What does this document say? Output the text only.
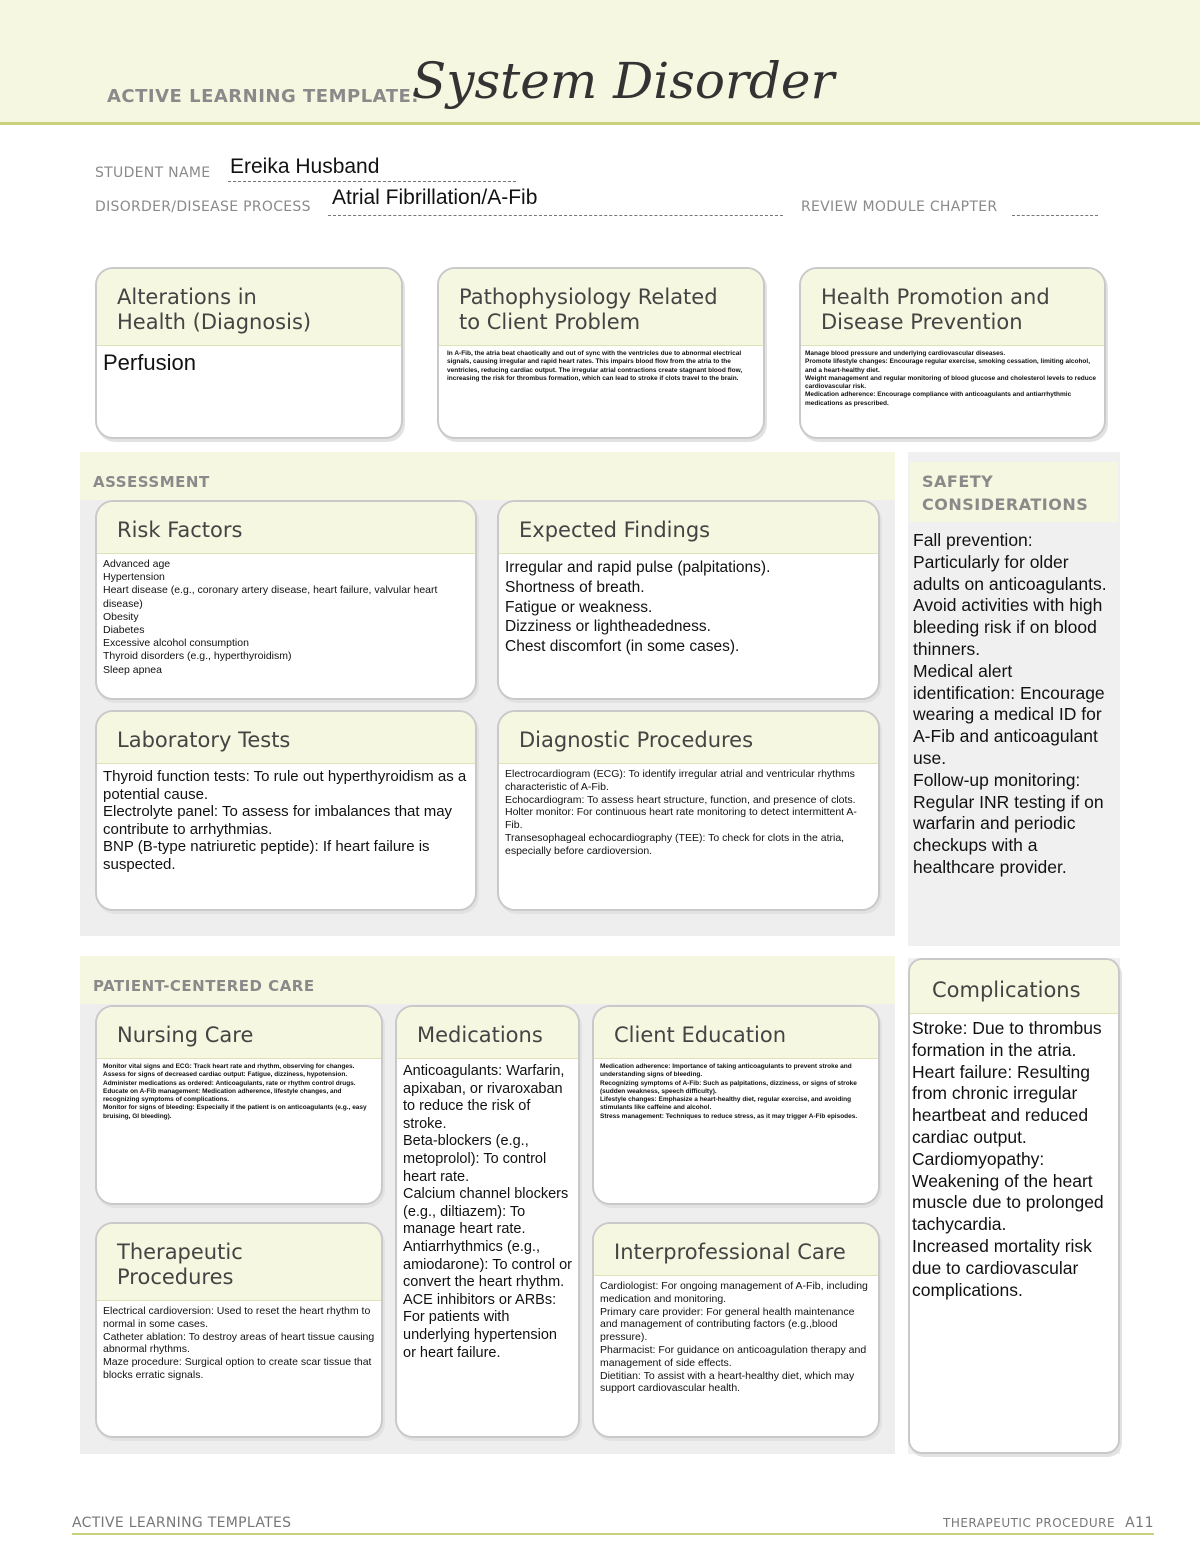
ACTIVE LEARNING TEMPLATE:
System Disorder
STUDENT NAME Ereika Husband
DISORDER/DISEASE PROCESS Atrial Fibrillation/A-Fib	REVIEW MODULE CHAPTER
Alterations in
Health (Diagnosis)
Perfusion
Pathophysiology Related
to Client Problem
In A-Fib, the atria beat chaotically and out of sync with the ventricles due to abnormal electrical signals, causing irregular and rapid heart rates. This impairs blood flow from the atria to the ventricles, reducing cardiac output. The irregular atrial contractions create stagnant blood flow, increasing the risk for thrombus formation, which can lead to stroke if clots travel to the brain.
Health Promotion and
Disease Prevention
Manage blood pressure and underlying cardiovascular diseases.
Promote lifestyle changes: Encourage regular exercise, smoking cessation, limiting alcohol, and a heart-healthy diet.
Weight management and regular monitoring of blood glucose and cholesterol levels to reduce cardiovascular risk.
Medication adherence: Encourage compliance with anticoagulants and antiarrhythmic medications as prescribed.
ASSESSMENT
Risk Factors
Advanced age
Hypertension
Heart disease (e.g., coronary artery disease, heart failure, valvular heart disease)
Obesity
Diabetes
Excessive alcohol consumption
Thyroid disorders (e.g., hyperthyroidism)
Sleep apnea
Expected Findings
Irregular and rapid pulse (palpitations).
Shortness of breath.
Fatigue or weakness.
Dizziness or lightheadedness.
Chest discomfort (in some cases).
Laboratory Tests
Thyroid function tests: To rule out hyperthyroidism as a potential cause.
Electrolyte panel: To assess for imbalances that may contribute to arrhythmias.
BNP (B-type natriuretic peptide): If heart failure is suspected.
Diagnostic Procedures
Electrocardiogram (ECG): To identify irregular atrial and ventricular rhythms characteristic of A-Fib.
Echocardiogram: To assess heart structure, function, and presence of clots.
Holter monitor: For continuous heart rate monitoring to detect intermittent A-Fib.
Transesophageal echocardiography (TEE): To check for clots in the atria, especially before cardioversion.
SAFETY
CONSIDERATIONS
Fall prevention: Particularly for older adults on anticoagulants. Avoid activities with high bleeding risk if on blood thinners.
Medical alert identification: Encourage wearing a medical ID for A-Fib and anticoagulant use.
Follow-up monitoring: Regular INR testing if on warfarin and periodic checkups with a healthcare provider.
PATIENT-CENTERED CARE
Nursing Care
Monitor vital signs and ECG: Track heart rate and rhythm, observing for changes.
Assess for signs of decreased cardiac output: Fatigue, dizziness, hypotension.
Administer medications as ordered: Anticoagulants, rate or rhythm control drugs.
Educate on A-Fib management: Medication adherence, lifestyle changes, and recognizing symptoms of complications.
Monitor for signs of bleeding: Especially if the patient is on anticoagulants (e.g., easy bruising, GI bleeding).
Medications
Anticoagulants: Warfarin, apixaban, or rivaroxaban to reduce the risk of stroke.
Beta-blockers (e.g., metoprolol): To control heart rate.
Calcium channel blockers (e.g., diltiazem): To manage heart rate.
Antiarrhythmics (e.g., amiodarone): To control or convert the heart rhythm.
ACE inhibitors or ARBs: For patients with underlying hypertension or heart failure.
Client Education
Medication adherence: Importance of taking anticoagulants to prevent stroke and understanding signs of bleeding.
Recognizing symptoms of A-Fib: Such as palpitations, dizziness, or signs of stroke (sudden weakness, speech difficulty).
Lifestyle changes: Emphasize a heart-healthy diet, regular exercise, and avoiding stimulants like caffeine and alcohol.
Stress management: Techniques to reduce stress, as it may trigger A-Fib episodes.
Therapeutic Procedures
Electrical cardioversion: Used to reset the heart rhythm to normal in some cases.
Catheter ablation: To destroy areas of heart tissue causing abnormal rhythms.
Maze procedure: Surgical option to create scar tissue that blocks erratic signals.
Interprofessional Care
Cardiologist: For ongoing management of A-Fib, including medication and monitoring.
Primary care provider: For general health maintenance and management of contributing factors (e.g.,blood pressure).
Pharmacist: For guidance on anticoagulation therapy and management of side effects.
Dietitian: To assist with a heart-healthy diet, which may support cardiovascular health.
Complications
Stroke: Due to thrombus formation in the atria.
Heart failure: Resulting from chronic irregular heartbeat and reduced cardiac output.
Cardiomyopathy: Weakening of the heart muscle due to prolonged tachycardia.
Increased mortality risk due to cardiovascular complications.
ACTIVE LEARNING TEMPLATES	THERAPEUTIC PROCEDURE A11
